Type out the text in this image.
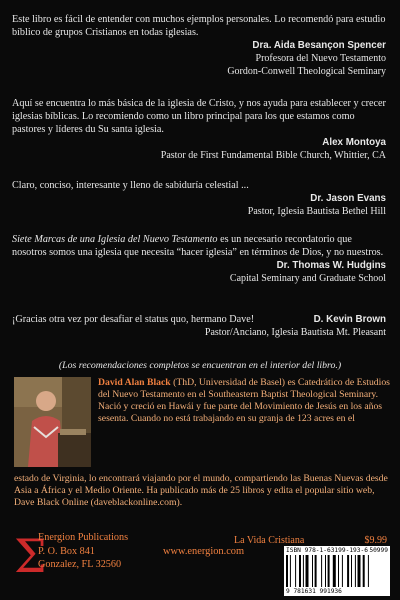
Este libro es fácil de entender con muchos ejemplos personales. Lo recomendó para estudio bíblico de grupos Cristianos en todas iglesias.

Dra. Aida Besançon Spencer
Profesora del Nuevo Testamento
Gordon-Conwell Theological Seminary

Aquí se encuentra lo más básica de la iglesia de Cristo, y nos ayuda para establecer y crecer iglesias bíblicas. Lo recomiendo como un libro principal para los que estamos como pastores y líderes du Su santa iglesia.

Alex Montoya
Pastor de First Fundamental Bible Church, Whittier, CA

Claro, conciso, interesante y lleno de sabiduría celestial ...

Dr. Jason Evans
Pastor, Iglesia Bautista Bethel Hill

Siete Marcas de una Iglesia del Nuevo Testamento es un necesario recordatorio que nosotros somos una iglesia que necesita “hacer iglesia” en términos de Dios, y no nuestros.

Dr. Thomas W. Hudgins
Capital Seminary and Graduate School

¡Gracias otra vez por desafiar el status quo, hermano Dave!	D. Kevin Brown
Pastor/Anciano, Iglesia Bautista Mt. Pleasant
(Los recomendaciones completos se encuentran en el interior del libro.)
David Alan Black (ThD, Universidad de Basel) es Catedrático de Estudios del Nuevo Testamento en el Southeastern Baptist Theological Seminary. Nació y creció en Hawái y fue parte del Movimiento de Jesús en los años sesenta. Cuando no está trabajando en su granja de 123 acres en el
estado de Virginia, lo encontrará viajando por el mundo, compartiendo las Buenas Nuevas desde Asia a África y el Medio Oriente. Ha publicado más de 25 libros y edita el popular sitio web, Dave Black Online (daveblackonline.com).
Σ
Energion Publications
P. O. Box 841
Gonzalez, FL 32560
www.energion.com
La Vida Cristiana	$9.99
ISBN 978-1-63199-193-6
9 781631 991936
50999
